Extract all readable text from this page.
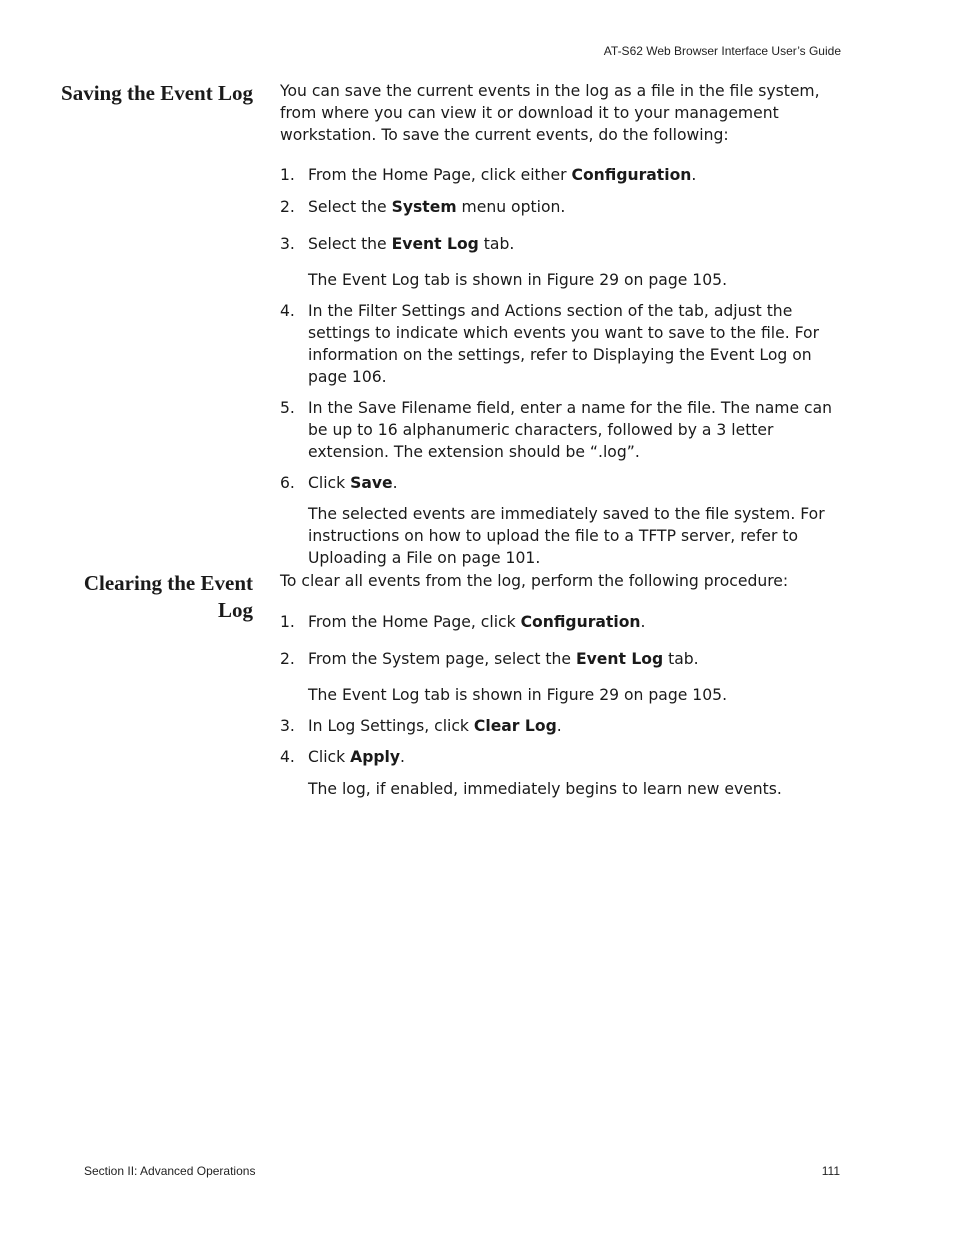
AT-S62 Web Browser Interface User’s Guide
Saving the Event Log You can save the current events in the log as a file in the file system, from where you can view it or download it to your management workstation. To save the current events, do the following:

1. From the Home Page, click either Configuration.

2. Select the System menu option.

3. Select the Event Log tab.

The Event Log tab is shown in Figure 29 on page 105.

4. In the Filter Settings and Actions section of the tab, adjust the settings to indicate which events you want to save to the file. For information on the settings, refer to Displaying the Event Log on page 106.

5. In the Save Filename field, enter a name for the file. The name can be up to 16 alphanumeric characters, followed by a 3 letter extension. The extension should be “.log”.

6. Click Save.

The selected events are immediately saved to the file system. For instructions on how to upload the file to a TFTP server, refer to Uploading a File on page 101.

Clearing the Event Log

To clear all events from the log, perform the following procedure:

1. From the Home Page, click Configuration.

2. From the System page, select the Event Log tab.

The Event Log tab is shown in Figure 29 on page 105.

3. In Log Settings, click Clear Log.

4. Click Apply.

The log, if enabled, immediately begins to learn new events.

Section II: Advanced Operations	111
